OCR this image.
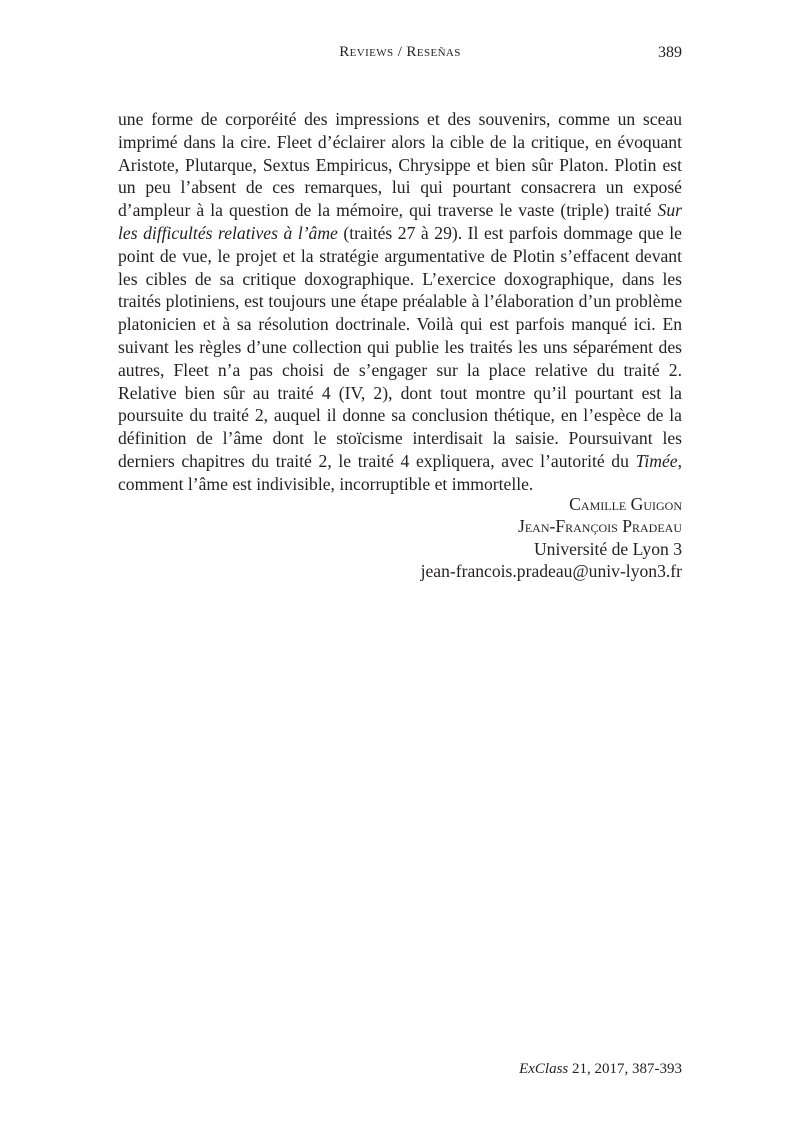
Reviews / Reseñas	389

une forme de corporéité des impressions et des souvenirs, comme un sceau imprimé dans la cire. Fleet d’éclairer alors la cible de la critique, en évoquant Aristote, Plutarque, Sextus Empiricus, Chrysippe et bien sûr Platon. Plotin est un peu l’absent de ces remarques, lui qui pourtant consacrera un exposé d’ampleur à la question de la mémoire, qui traverse le vaste (triple) traité Sur les difficultés relatives à l’âme (traités 27 à 29). Il est parfois dommage que le point de vue, le projet et la stratégie argumentative de Plotin s’effacent devant les cibles de sa critique doxographique. L’exercice doxographique, dans les traités plotiniens, est toujours une étape préalable à l’élaboration d’un problème platonicien et à sa résolution doctrinale. Voilà qui est parfois manqué ici. En suivant les règles d’une collection qui publie les traités les uns séparément des autres, Fleet n’a pas choisi de s’engager sur la place relative du traité 2. Relative bien sûr au traité 4 (IV, 2), dont tout montre qu’il pourtant est la poursuite du traité 2, auquel il donne sa conclusion thétique, en l’espèce de la définition de l’âme dont le stoïcisme interdisait la saisie. Poursuivant les derniers chapitres du traité 2, le traité 4 expliquera, avec l’autorité du Timée, comment l’âme est indivisible, incorruptible et immortelle.

Camille Guigon
Jean-François Pradeau
Université de Lyon 3
jean-francois.pradeau@univ-lyon3.fr
ExClass 21, 2017, 387-393
